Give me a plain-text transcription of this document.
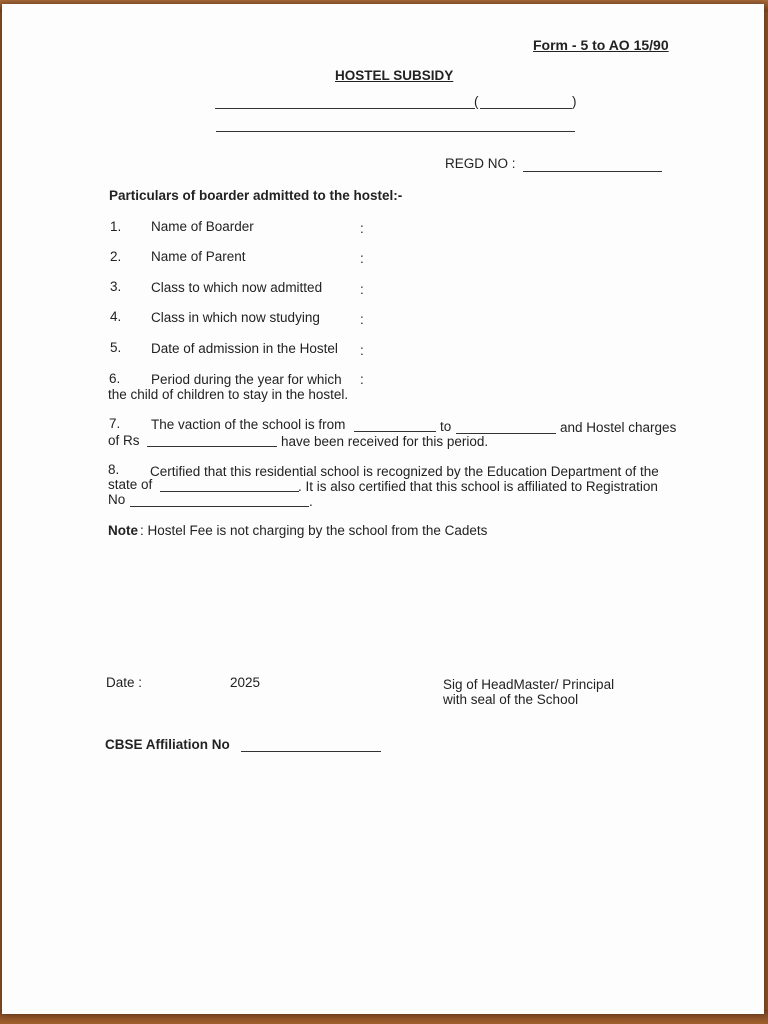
Form - 5 to AO 15/90
HOSTEL SUBSIDY
(	)
REGD NO :
Particulars of boarder admitted to the hostel:-
1. Name of Boarder	:
2. Name of Parent	:
3. Class to which now admitted	:
4. Class in which now studying	:
5. Date of admission in the Hostel :
6. Period during the year for which :
the child of children to stay in the hostel.
7. The vaction of the school is from	to	and Hostel charges
of Rs	have been received for this period.
8. Certified that this residential school is recognized by the Education Department of the
state of	. It is also certified that this school is affiliated to Registration
No	.
Note : Hostel Fee is not charging by the school from the Cadets
Date :	2025	Sig of HeadMaster/ Principal
with seal of the School
CBSE Affiliation No
